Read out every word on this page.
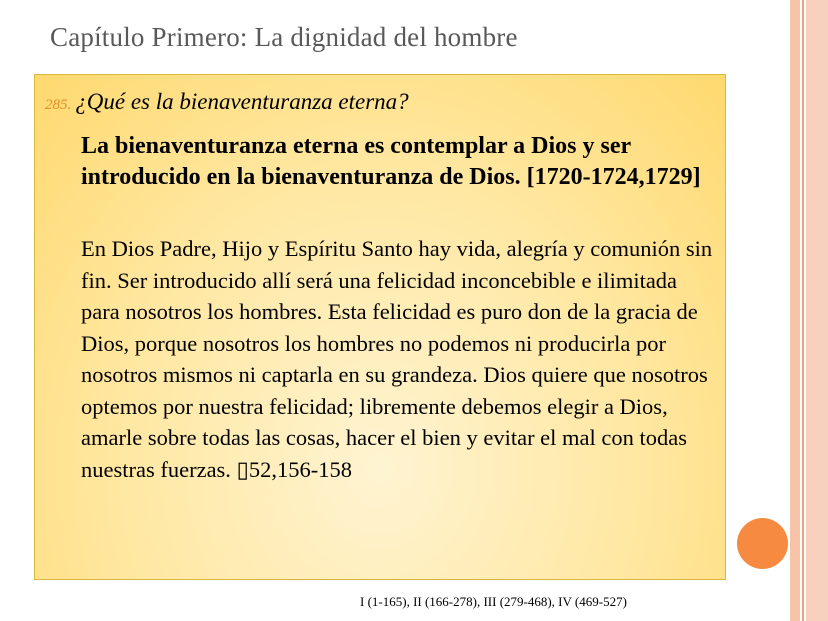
Capítulo Primero: La dignidad del hombre
285. ¿Qué es la bienaventuranza eterna?
La bienaventuranza eterna es contemplar a Dios y ser introducido en la bienaventuranza de Dios. [1720-1724,1729]
En Dios Padre, Hijo y Espíritu Santo hay vida, alegría y comunión sin fin. Ser introducido allí será una felicidad inconcebible e ilimitada para nosotros los hombres. Esta felicidad es puro don de la gracia de Dios, porque nosotros los hombres no podemos ni producirla por nosotros mismos ni captarla en su grandeza. Dios quiere que nosotros optemos por nuestra felicidad; libremente debemos elegir a Dios, amarle sobre todas las cosas, hacer el bien y evitar el mal con todas nuestras fuerzas. ▯52,156-158
I (1-165), II (166-278), III (279-468), IV (469-527)
